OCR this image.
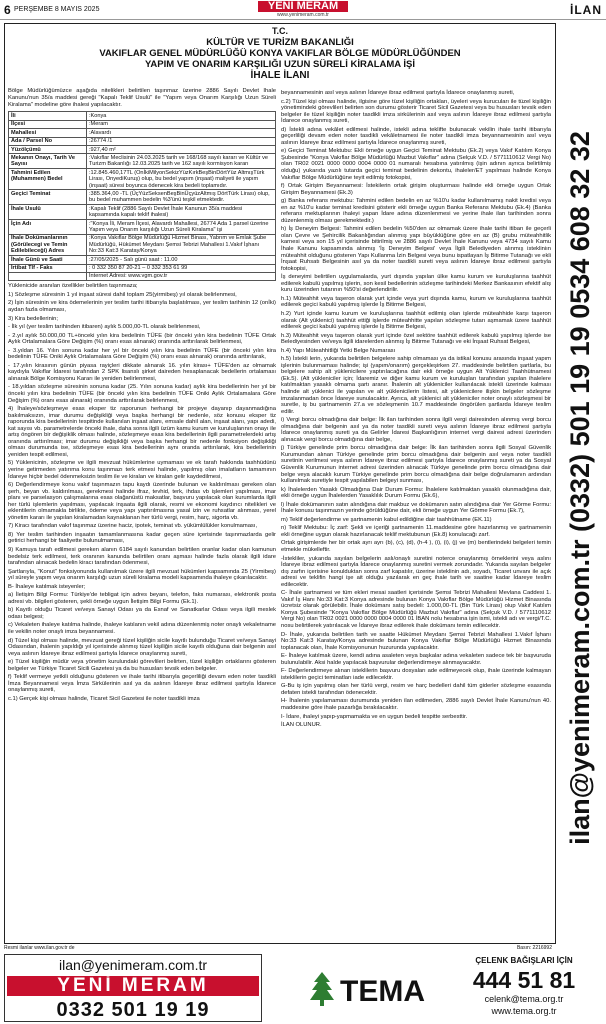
6 PERŞEMBE 8 MAYIS 2025	YENİ MERAM
www.yenimeram.com.tr	İLAN
T.C.
KÜLTÜR VE TURİZM BAKANLIĞI
VAKIFLAR GENEL MÜDÜRLÜĞÜ KONYA VAKIFLAR BÖLGE MÜDÜRLÜĞÜNDEN
YAPIM VE ONARIM KARŞILIĞI UZUN SÜRELİ KİRALAMA İŞİ
İHALE İLANI
Bölge Müdürlüğümüzce aşağıda nitelikleri belirtilen taşınmaz üzerine 2886 Sayılı Devlet İhale Kanunu'nun 35/a maddesi gereği "Kapalı Teklif Usulü" ile "Yapım veya Onarım Karşılığı Uzun Süreli Kiralama" modeline göre ihalesi yapılacaktır.
İli	:Konya
İlçesi	:Meram
Mahallesi	:Alavardı
Ada / Parsel No	:26774 /1
Yüzölçümü	:927,40 m²
Mekanın Onayı, Tarih Ve Sayısı	:Vakıflar Meclisinin 24.03.2025 tarih ve 168/168 sayılı kararı ve Kültür ve Turizm Bakanlığı 12.03.2025 tarih ve 162 sayılı kormisyon kararı
Tahmini Edilen (Muhammen) Bedel	:12.845.460,17TL (OnİkiMilyonSekizYüzKırkBeşBinDörtYüz AltmışTürk Lirası, OnyediKuruş) olup, bu bedel yapım (inşaat) maliyeti ile yapım (inşaat) süresi boyunca ödenecek kira bedeli toplamıdır.
Geçici Teminat	:385.364,00 -TL (ÜçYüzSeksenBeşBinÜçyüzAltmış DörtTürk Lirası) olup, bu bedel muhammen bedelin %3'ünü teşkil etmektedir.
İhale Usulü	:Kapalı Teklif (2886 Sayılı Devlet İhale Kanunun 35/a maddesi kapsamında kapalı teklif ihalesi)
İçin Adı	:"Konya İli, Meram İlçesi, Alavardı Mahallesi, 26774 Ada 1 parsel üzerine Yapım veya Onarım karşılığı Uzun Süreli Kiralama" işi
İhale Dokümanlarının (Görülecegi ve Temin Edilebileceği) Adres	:Konya Vakıflar Bölge Müdürlüğü Hizmet Binası, Yabrım ve Emlak Şube Müdürlüğü, Hükümet Meydanı Şemsi Tebrizi Mahallesi 1.Vakıf İşhanı No:33 Kat:3 Karatay/Konya
İhale Günü ve Saati	:27/05/2025 - Salı günü saat : 11.00
İrtibat Tlf - Faks	: 0 332 350 87 20-21 – 0 332 353 61 99
	İnternet Adresi: www.vgm.gov.tr
Yüklenicide aranılan özellikler belirtilen taşınmaza;
1) Sözleşme süresinin 1 yıl inşaat süresi dahil toplam 25(yirmibeş) yıl olarak belirlenmesi,
2) İşin süresinin ve kira ödemelerinin yer teslim tarihi itibarıyla başlatılması, yer teslim tarihinin 12 (onİki) aydan fazla olmaması,
3) Kira bedellerinin;
- İlk yıl (yer teslim tarihinden itibaren) aylık 5.000,00-TL olarak belirlenmesi,
- 2.yıl aylık 50.000,00 TL+önceki yılın kira bedelinin TÜFE (bir önceki yılın kira bedelinin TÜFE Ortak Aylık Ortalamalara Göre Değişim (%) oranı esas alınarak) oranında arttırılarak belirlenmesi,
- 3.yıldan 16. Yılın sonuna kadar her yıl bir önceki yılın kira bedelinin TÜFE (bir önceki yılın kira bedelinin TÜFE Oniki Aylık Ortalamalara Göre Değişim (%) oranı esas alınarak) oranında arttırılarak,
- 17.yılın kirasının günün piyasa rayiçleri dikkate alınarak 16. yılın kirası+ TÜFE'den az olmamak kaydıyla Vakıflar İdaresi tarafından 2 SPK lisanslı şirket daireden hesaplanacak bedellerin ortalaması alınarak Bölge Komisyonu Kararı ile yeniden belirlenmesi,
- 18.yıldan sözleşme süresinin sonuna kadar (25. Yılın sonuna kadar) aylık kira bedellerinin her yıl bir önceki yılın kira bedelinin TÜFE (bir önceki yılın kira bedelinin TÜFE Oniki Aylık Ortalamalara Göre Değişim (%) oranı esas alınarak) oranında arttırılarak belirlenmesi,
4) İhaleye/sözleşmeye esas eksper tiz raporunun herhangi bir projeye dayanıp dayanmadığına bakılmaksızın, imar durumu değişikliği veya başka herhangi bir nedenle, söz konusu eksper tiz raporunda kira bedellerinin tespitinde kullanılan inşaat alanı, emsale dahil alan, inşaat alanı, yapı adedi, kat sayısı vb. parametrelerde önceki ihale, daha sonra ilgili üzüm kamu kurum ve kuruluşlarının onayı ile artış öngören bir değişiklik olması halinde, sözleşmeye esas kira bedellerinin ilgili parametrelerdeki artış oranında arttırılması; imar durumu değişikliği veya başka herhangi bir nedenle fonksiyon değişikliği olması durumunda ise, sözleşmeye esas kira bedellerinin aynı oranda arttırılarak, kira bedellerinin yeniden tespit edilmesi,
5) Yüklenicinin, sözleşme ve ilgili mevzuat hükümlerine uymaması ve ek tarafı hakkında tashhüdünü yerine getirmeden yatırıma konu taşınmazı terk etmesi halinde, yapılmış olan imalatların tamamının İdareye hiçbir bedel ödenmeksizin teslim ile ve kiralan ve kiralan gelir kaydedilmesi,
6) Değerlendirmeye konu vakıf taşınmazın tapu kaydı üzerinde bulunan ve kaldırılması gereken olan şerh, beyan vb. kaldırılması, gerekmesi halinde ifraz, tevhid, terk, ihdas vb işlemleri yapılması, imar planı ve parselasyon çalışmalarına esas olağanüstü maksatlar, başvuru yapılacak olan kurumlarda ilgili her türlü işlemlerin yapılması, yapılacak inşaata ilgili olarak, resmi ve ekonomi kaydırıcı nitelikleri ve eklentilerin olmamakla birlikte, ödeme veya yapı yaptırılmasına yasal izin ve ruhsatlar alınması, yerel yönetim kararı ile yapılan kiralamadan kaynaklanan her türlü vergi, resim, harç, sigorta vb.
7) Kiracı tarafından vakıf taşınmaz üzerine haciz, ipotek, teminat vb. yükümlülükler konulmaması,
8) Yer teslim tarihinden inşaatın tamamlanmasına kadar geçen süre içerisinde taşınmazlarda gelir getirici herhangi bir faaliyette bulunulmaması,
9) Kamuya tarafı edilmesi gereken alanın 6184 sayılı kanundan belirtilen oranlar kadar olan kamunun bedelsiz terk edilmesi, terk oranının kanunda belirtilen oranı aşması halinde fazla olarak ilgili idare tarafından alınacak bedelin kiracı tarafından ödenmesi,
Şartlarıyla, "Konut" fonksiyonunda kullanılmak üzere ilgili mevzuat hükümleri kapsamında 25 (Yirmibeş) yıl süreyle yapım veya onarım karşılığı uzun süreli kiralama modeli kapsamında ihaleye çıkarılacaktır.
B- İhaleye katılmak isteyenler;
a) İletişim Bilgi Formu: Türkiye'de tebligat için adres beyanı, telefon, faks numarası, elektronik posta adresi vb. bilgileri gösteren, şekli örneğe uygun İletişim Bilgi Formu (Ek.1).
b) Kayıtlı olduğu Ticaret ve/veya Sanayi Odası ya da Esnaf ve Sanatkarlar Odası veya ilgili meslek odası belgesi;
c) Vekaleten ihaleye katılma halinde, ihaleye katılanın vekil adına düzenlenmiş noter onaylı vekaletname ile vekilin noter onaylı imza beyannamesi.
d) Tüzel kişi olması halinde, mevzuat gereği tüzel kişiliğin sicile kayıtlı bulunduğu Ticaret ve/veya Sanayi Odasından, ihalenin yapıldığı yıl içerisinde alınmış tüzel kişiliğin sicile kayıtlı olduğuna dair belgenin asıl veya aslının İdareye ibraz edilmesi şartıyla İdarece onaylanmış sureti,
e) Tüzel kişiliğin müdür veya yönetim kurulundaki görevlileri belirten, tüzel kişiliğin ortaklarını gösteren belgeler ve Türkiye Ticaret Sicili Gazetesi ya da bu hususları tevsik eden belgeler.
f) Teklif vermeye yetkili olduğunu gösteren ve ihale tarihi itibarıyla geçerliliği devam eden noter tasdikli İmza Beyannamesi veya İmza Sirkülerinin asıl ya da aslının İdareye ibraz edilmesi şartıyla İdarece onaylanmış sureti,
c.1) Gerçek kişi olması halinde, Ticaret Sicil Gazetesi ile noter tasdikli imza
beyannamesinin asıl veya aslının İdareye ibraz edilmesi şartıyla İdarece onaylanmış sureti,
c.2) Tüzel kişi olması halinde, ilgisine göre tüzel kişiliğin ortakları, üyeleri veya kurucuları ile tüzel kişiliğin yönetimindeki görevlileri belirten son durumu gösterir Ticaret Sicil Gazetesi veya bu hususları tevsik eden belgeler ile tüzel kişiliğin noter tasdikli imza sirkülerinin asıl veya aslının İdareye ibraz edilmesi şartıyla İdarece onaylanmış sureti,
d) İstekli adına vekâlet edilmesi halinde, istekli adına teklifte bulunacak vekilin ihale tarihi itibarıyla geçerliliği devam eden noter tasdikli vekâletnamesi ile noter tasdikli imza beyannamesinin asıl veya aslının İdareye ibraz edilmesi şartıyla İdarece onaylanmış sureti,
e) Geçici Teminat Mektubu: Ekli örneğe uygun Geçici Teminat Mektubu (Ek.2) veya Vakıf Katılım Konya Şubesinde "Konya Vakıflar Bölge Müdürlüğü Mazbut Vakıflar" adına (Selçuk V.D. / 5771110612 Vergi No) olan TR02 0021 0000 0000 0004 0000 01 numaralı hesabına yatırılmış (işin adının ayrıca belirtilmiş olduğu) yukarıda yazılı tutarda geçici teminat bedelinin dekontu, ihaleler/ET yapılması halinde Konya Vakıflar Bölge Müdürlüğüne teyit edilmiş fotokopisi,
f) Ortak Girişim Beyannamesi: İstekilerin ortak girişim oluşturması halinde ekli örneğe uygun Ortak Girişim Beyannamesi (Ek.3)
g) Banka referans mektubu: Tahmini edilen bedelin en az %10'u kadar kullanılmamış nakit kredisi veya en az %10'u kadar teminat kredisini gösterir ekli örneğe uygun Banka Referans Mektubu (Ek.4) (Banka referans mektuplarının ihaleyi yapan İdare adına düzenlenmesi ve yerine ihale ilan tarihinden sonra düzenlenmiş olması gerekmektedir.)
h) İş Deneyim Belgesi: Tahmini edilen bedelin %50'den az olmamak üzere ihale tarihi itibarı ile geçerli olan Çevre ve Şehircilik Bakanlığından alınmış yapı büyüklüğüne göre en az (B) grubu müteahhitlik karnesi veya son 15 yıl içerisinde bitirilmiş ve 2886 sayılı Devlet İhale Kanunu veya 4734 sayılı Kamu İhale Kanunu kapsamında alınmış 'İş Deneyim Belgesi' veya İlgili Belediyeden alınmış istekliniın müteahhit olduğunu gösteren Yapı Kullanma İzin Belgesi veya bunu ispatlayan İş Bitirme Tutanağı ve ekli İnşaat Ruhsatı Belgesinin asıl ya da noter tasdikli sureti veya aslının İdareye ibraz edilmesi şartıyla fotokopisi,
İş deneyimi belirtilen uygulamalarda, yurt dışında yapılan ülke kamu kurum ve kuruluşlarına taahhüt edilerek kabulü yapılmış işlerin, son kesil bedellerinin sözleşme tarihindeki Merkez Bankasının efektif alış kuru üzerinden tutarının %50'si değerlendirilir.
h.1) Müteahhit veya taşeron olarak yurt içinde veya yurt dışında kamu, kurum ve kuruluşlarına taahhüt edilerek geçici kabulü yapılmış işlerde İş Bitirme Belgesi,
h.2) Yurt içinde kamu kurum ve kuruluşlarına taahhüt edilmiş olan işlerde müteahhide karşı taşeron olarak (Alt yüklenici) taahhüt ettiği işlerde müteahhitte yapılan sözleşme tutarı aşmamak üzere taahhüt edilerek geçici kabulü yapılmış işlerde İş Bitirme Belgesi,
h.3) Müteahhit veya taşeron olarak yurt içinde özel sektöre taahhüt edilerek kabulü yapılmış işlerde ise Belediyesinden ve/veya ilgili idarelerden alınmış İş Bitirme Tutanağı ve eki İnşaat Ruhsat Belgesi,
h.4) Yapı Müteahhitliği Yetki Belge Numarası
h.5) İstekli lerin, yukarıda belirtilen belgelere sahip olmaması ya da istikal konusu arasında inşaat yapım işlerinin bulunmaması halinde; işi (yapım/onarım) gerçekleşirken 27. maddesinde belirtilen şartlarla, bu belgelere sahip alt yüklenicilere yaptırılacağına dair ekli örneğe uygun Alt Yüklenici Taahhütnamesi (Ek.5). (Alt yükleniciler için; İdaremiz ve diğer kamu kurum ve kuruluşları tarafından yapılan ihalelere katılmaktan yasaklı olmama şartı aranır. İhalenin alt yükleniciler kullanılacak istekli üzerinde kalması halinde alt yüklenici ile yapılan ve alt yüklenicilerin listesi, alt yüklenicilere ilişkin belgeler sözleşme imzalanmadan önce İdareye sunulacaktır. Ayrıca, alt yüklenici alt yükleniciler noter onaylı sözleşmesi bir suretle, iş bu şartnamenin 27.a ve sözleşmenin 10.7 maddesinde öngörülen şartlarda İdareye teslim edilir.
i) Vergi borcu olmadığına dair belge: İlk ilan tarihinden sonra ilgili vergi dairesinden alınmış vergi borcu olmadığına dair belgenin asıl ya da noter tasdikli sureti veya aslının İdareye ibraz edilmesi şartıyla İdarece onaylanmış sureti ya da Gelirler İdaresi Başkanlığının internet vergi dairesi adresi üzerinden alınacak vergi borcu olmadığına dair belge,
j) Türkiye genelinde prim borcu olmadığına dair belge: İlk ilan tarihinden sonra ilgili Sosyal Güvenlik Kurumundan alınan Türkiye genelinde prim borcu olmadığına dair belgenin asıl veya noter tasdikli suretinin verilmesi veya aslının İdareye ibraz edilmesi şartıyla İdarece onaylanmış sureti ya da Sosyal Güvenlik Kurumunun internet adresi üzerinden alınacak Türkiye genelinde prim borcu olmadığına dair belge veya alacaklı kurum Türkiye genelinde prim borcu olmadığına dair belge doğrulamanın ardından kullanılmak suretiyle tespit yapılabilen belgeyi sunması,
k) İhalelerden Yasaklı Olmadığına Dair Durum Formu: İhalelere katılmaktan yasaklı olunmadığına dair, ekli örneğe uygun İhalelerden Yasaklılık Durum Formu (Ek.6),
l) İhale dokümanının satın alındığına dair makbuz ve dokümanın satın alındığına dair Yer Görme Formu: İhale konusu taşınmazın yerinde görüldüğüne dair, ekli örneğe uygun Yer Görme Formu (Ek.7),
m) Teklif değerlendirme ve şartnamenin kabul edildiğine dair taahhütname (EK.11)
n) Teklif Mektubu: İç zarf: Şekli ve içeriği şartnamenin 11.maddesine göre hazırlanmış ve şartnamenin ekli örneğine uygun olarak hazırlanacak teklif mektubunun (Ek.8) konulacağı zarf.
Ortak girişimlerde her bir ortak ayrı ayrı (b), (c), (d), (h-4 ), (i), (i), (j) ve (m) bentlerindeki belgeleri temin etmekle mükelleftir.
-İstekliler, yukarıda sayılan belgelerin aslı/onaylı suretini noterce onaylanmış örneklerini veya aslını İdareye ibraz edilmesi şartıyla İdarece onaylanmış suretini vermek zorundadır. Yukarıda sayılan belgeler dış zarfın içerisine konulduktan sonra zarf kapatılır, üzerine isteklinin adı, soyadı, Ticaret unvanı ile açık adresi ve teklifin hangi işe ait olduğu yazılarak en geç ihale tarih ve saatine kadar İdareye teslim edilecektir.
C- İhale şartnamesi ve tüm ekleri mesai saatleri içerisinde Şemsi Tebrizi Mahallesi Mevlana Caddesi 1. Vakıf İş Hanı No:33 Kat:3 Konya adresinde bulunan Konya Vakıflar Bölge Müdürlüğü Hizmet Binasında ücretsiz olarak görülebilir. İhale dokümanı satış bedeli: 1.000,00-TL (Bin Türk Lirası) olup Vakıf Katılım Konya Şubesinde "Konya Vakıflar Bölge Müdürlüğü Mazbut Vakıflar" adına (Selçuk V.D. / 5771110612 Vergi No) olan TR02 0021 0000 0000 0004 0000 01 İBAN nolu hesabına işin ismi, istekli adı ve vergi/T.C. nosu belirtilerek yatırılacak ve İdareye ibraz edilerek ihale dokümanı temin edilecektir.
D- İhale, yukarıda belirtilen tarih ve saatte Hükümet Meydanı Şemsi Tebrizi Mahallesi 1.Vakıf İşhanı No:33 Kat:3 Karatay/Konya adresinde bulunan Konya Vakıflar Bölge Müdürlüğü Hizmet Binasında toplanacak olan, İhale Komisyonunun huzurunda yapılacaktır.
E- İhaleye katılmak üzere, kendi adına asaleten veya başkalar adına vekaleten sadece tek bir başvuruda bulunulabilir. Aksi halde yapılacak başvurular değerlendirmeye alınmayacaktır.
F- Değerlendirmeye alınan isteklilerin başvuru dosyaları ade edilmeyecek olup, ihale üzerinde kalmayan isteklilerin geçici teminatları iade edilecektir.
G-Bu iş için yapılmış olan her türlü vergi, resim ve harç bedelleri dahil tüm giderler sözleşme esasında defaten istekli tarafından ödenecektir.
H- İhalenin yapılamaması durumunda yeniden ilan edilmeden, 2886 sayılı Devlet İhale Kanunu'nun 40. maddesine göre ihale pazarlığa bırakılacaktır.
I- İdare, ihaleyi yapıp-yapmamakta ve en uygun bedeli tespitte serbesttir.
İLAN OLUNUR.
Resmi ilanlar www.ilan.gov.tr de	Basın: 2216992
ilan@yenimeram.com.tr (0332) 501 19 19 0534 608 32 32
ilan@yenimeram.com.tr
YENİ MERAM
0332 501 19 19
TEMA
ÇELENK BAĞIŞLARI İÇİN
444 51 81
celenk@tema.org.tr
www.tema.org.tr
